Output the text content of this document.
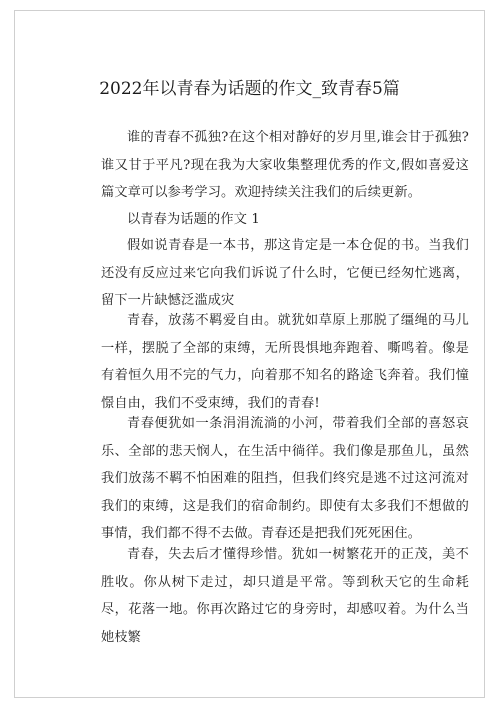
2022年以青春为话题的作文_致青春5篇

谁的青春不孤独?在这个相对静好的岁月里,谁会甘于孤独?谁又甘于平凡?现在我为大家收集整理优秀的作文,假如喜爱这篇文章可以参考学习。欢迎持续关注我们的后续更新。

以青春为话题的作文 1

假如说青春是一本书，那这肯定是一本仓促的书。当我们还没有反应过来它向我们诉说了什么时，它便已经匆忙逃离，留下一片缺憾泛滥成灾

青春，放荡不羁爱自由。就犹如草原上那脱了缰绳的马儿一样，摆脱了全部的束缚，无所畏惧地奔跑着、嘶鸣着。像是有着恒久用不完的气力，向着那不知名的路途飞奔着。我们憧憬自由，我们不受束缚，我们的青春!

青春便犹如一条涓涓流淌的小河，带着我们全部的喜怒哀乐、全部的悲天悯人，在生活中徜徉。我们像是那鱼儿，虽然我们放荡不羁不怕困难的阻挡，但我们终究是逃不过这河流对我们的束缚，这是我们的宿命制约。即使有太多我们不想做的事情，我们都不得不去做。青春还是把我们死死困住。

青春，失去后才懂得珍惜。犹如一树繁花开的正茂，美不胜收。你从树下走过，却只道是平常。等到秋天它的生命耗尽，花落一地。你再次路过它的身旁时，却感叹着。为什么当她枝繁
